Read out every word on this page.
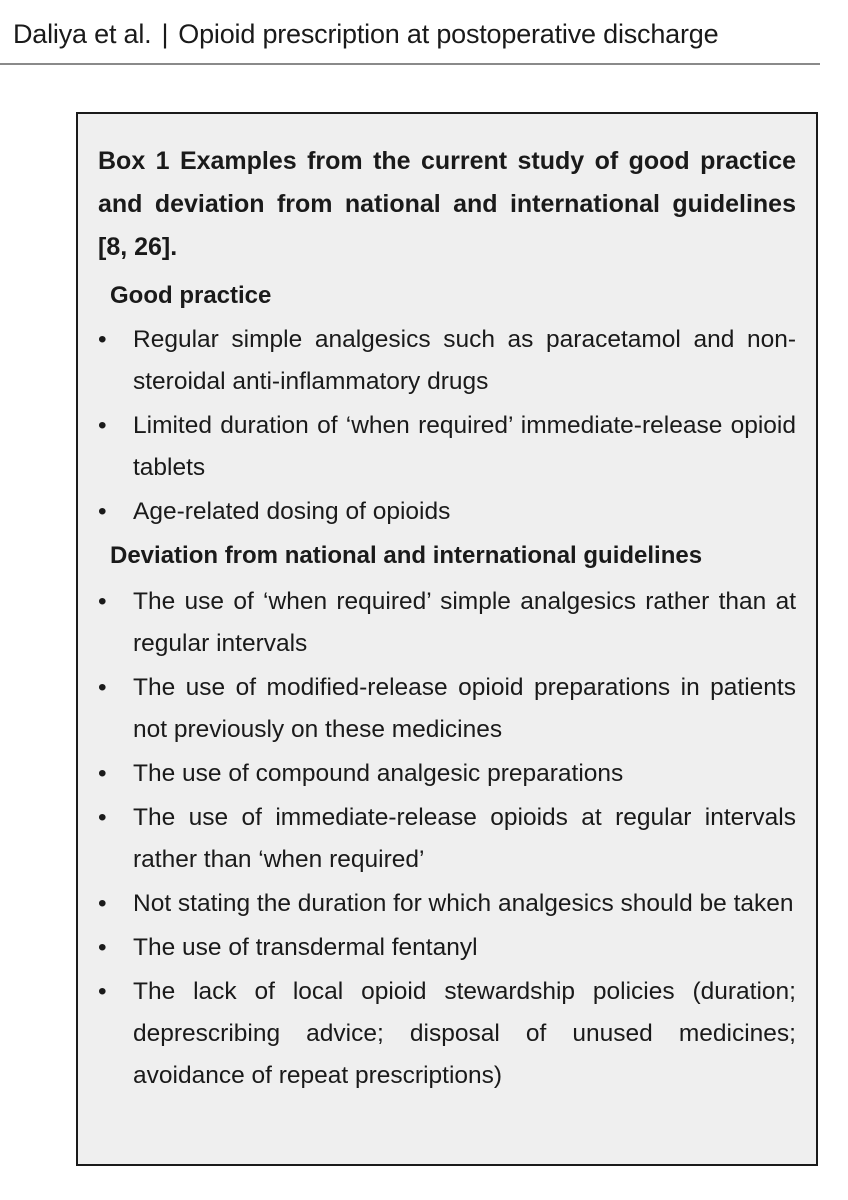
Daliya et al. | Opioid prescription at postoperative discharge
Box 1 Examples from the current study of good practice and deviation from national and international guidelines [8, 26].
Good practice
• Regular simple analgesics such as paracetamol and non-steroidal anti-inflammatory drugs
• Limited duration of ‘when required’ immediate-release opioid tablets
• Age-related dosing of opioids
Deviation from national and international guidelines
• The use of ‘when required’ simple analgesics rather than at regular intervals
• The use of modified-release opioid preparations in patients not previously on these medicines
• The use of compound analgesic preparations
• The use of immediate-release opioids at regular intervals rather than ‘when required’
• Not stating the duration for which analgesics should be taken
• The use of transdermal fentanyl
• The lack of local opioid stewardship policies (duration; deprescribing advice; disposal of unused medicines; avoidance of repeat prescriptions)
